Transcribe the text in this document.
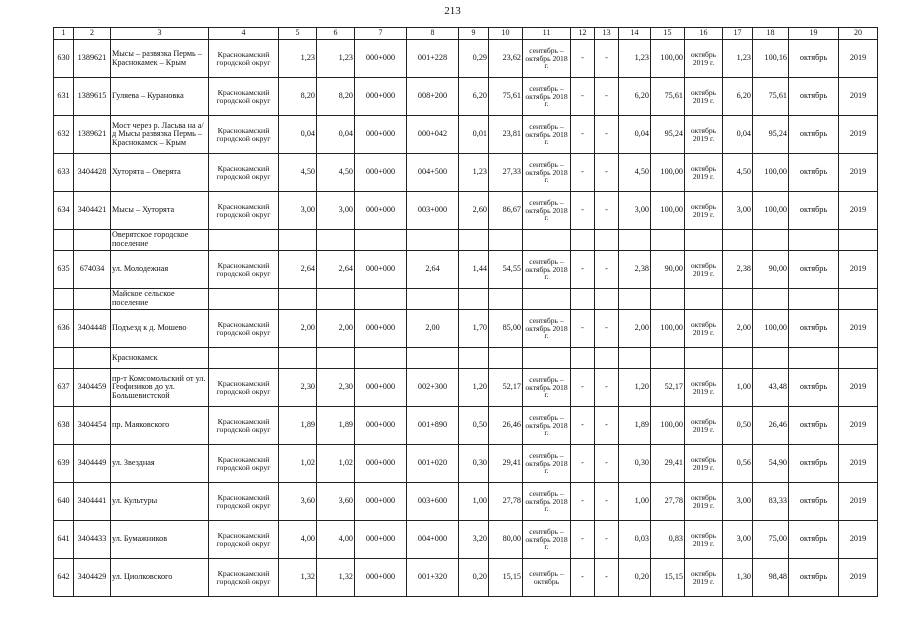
213
1	2	3	4	5	6	7	8	9	10	11	12	13	14	15	16	17	18	19	20
630	1389621	Мысы – развязка Пермь – Краснокамек – Крым	Краснокамский городской округ	1,23	1,23	000+000	001+228	0,29	23,62	сентябрь – октябрь 2018 г.	-	-	1,23	100,00	октябрь 2019 г.	1,23	100,16	октябрь	2019
631	1389615	Гуляева – Курановка	Краснокамский городской округ	8,20	8,20	000+000	008+200	6,20	75,61	сентябрь – октябрь 2018 г.	-	-	6,20	75,61	октябрь 2019 г.	6,20	75,61	октябрь	2019
632	1389621	Мост через р. Ласьва на а/д Мысы развязка Пермь – Краснокамск – Крым	Краснокамский городской округ	0,04	0,04	000+000	000+042	0,01	23,81	сентябрь – октябрь 2018 г.	-	-	0,04	95,24	октябрь 2019 г.	0,04	95,24	октябрь	2019
633	3404428	Хуторята – Оверята	Краснокамский городской округ	4,50	4,50	000+000	004+500	1,23	27,33	сентябрь – октябрь 2018 г.	-	-	4,50	100,00	октябрь 2019 г.	4,50	100,00	октябрь	2019
634	3404421	Мысы – Хуторята	Краснокамский городской округ	3,00	3,00	000+000	003+000	2,60	86,67	сентябрь – октябрь 2018 г.	-	-	3,00	100,00	октябрь 2019 г.	3,00	100,00	октябрь	2019
		Оверятское городское поселение																	
635	674034	ул. Молодежная	Краснокамский городской округ	2,64	2,64	000+000	2,64	1,44	54,55	сентябрь – октябрь 2018 г.	-	-	2,38	90,00	октябрь 2019 г.	2,38	90,00	октябрь	2019
		Майское сельское поселение																	
636	3404448	Подъезд к д. Мошево	Краснокамский городской округ	2,00	2,00	000+000	2,00	1,70	85,00	сентябрь – октябрь 2018 г.	-	-	2,00	100,00	октябрь 2019 г.	2,00	100,00	октябрь	2019
		Краснокамск																	
637	3404459	пр-т Комсомольский от ул. Геофизиков до ул. Большевистской	Краснокамский городской округ	2,30	2,30	000+000	002+300	1,20	52,17	сентябрь – октябрь 2018 г.	-	-	1,20	52,17	октябрь 2019 г.	1,00	43,48	октябрь	2019
638	3404454	пр. Маяковского	Краснокамский городской округ	1,89	1,89	000+000	001+890	0,50	26,46	сентябрь – октябрь 2018 г.	-	-	1,89	100,00	октябрь 2019 г.	0,50	26,46	октябрь	2019
639	3404449	ул. Звездная	Краснокамский городской округ	1,02	1,02	000+000	001+020	0,30	29,41	сентябрь – октябрь 2018 г.	-	-	0,30	29,41	октябрь 2019 г.	0,56	54,90	октябрь	2019
640	3404441	ул. Культуры	Краснокамский городской округ	3,60	3,60	000+000	003+600	1,00	27,78	сентябрь – октябрь 2018 г.	-	-	1,00	27,78	октябрь 2019 г.	3,00	83,33	октябрь	2019
641	3404433	ул. Бумажников	Краснокамский городской округ	4,00	4,00	000+000	004+000	3,20	80,00	сентябрь – октябрь 2018 г.	-	-	0,03	0,83	октябрь 2019 г.	3,00	75,00	октябрь	2019
642	3404429	ул. Циолковского	Краснокамский городской округ	1,32	1,32	000+000	001+320	0,20	15,15	сентябрь – октябрь	-	-	0,20	15,15	октябрь 2019 г.	1,30	98,48	октябрь	2019
